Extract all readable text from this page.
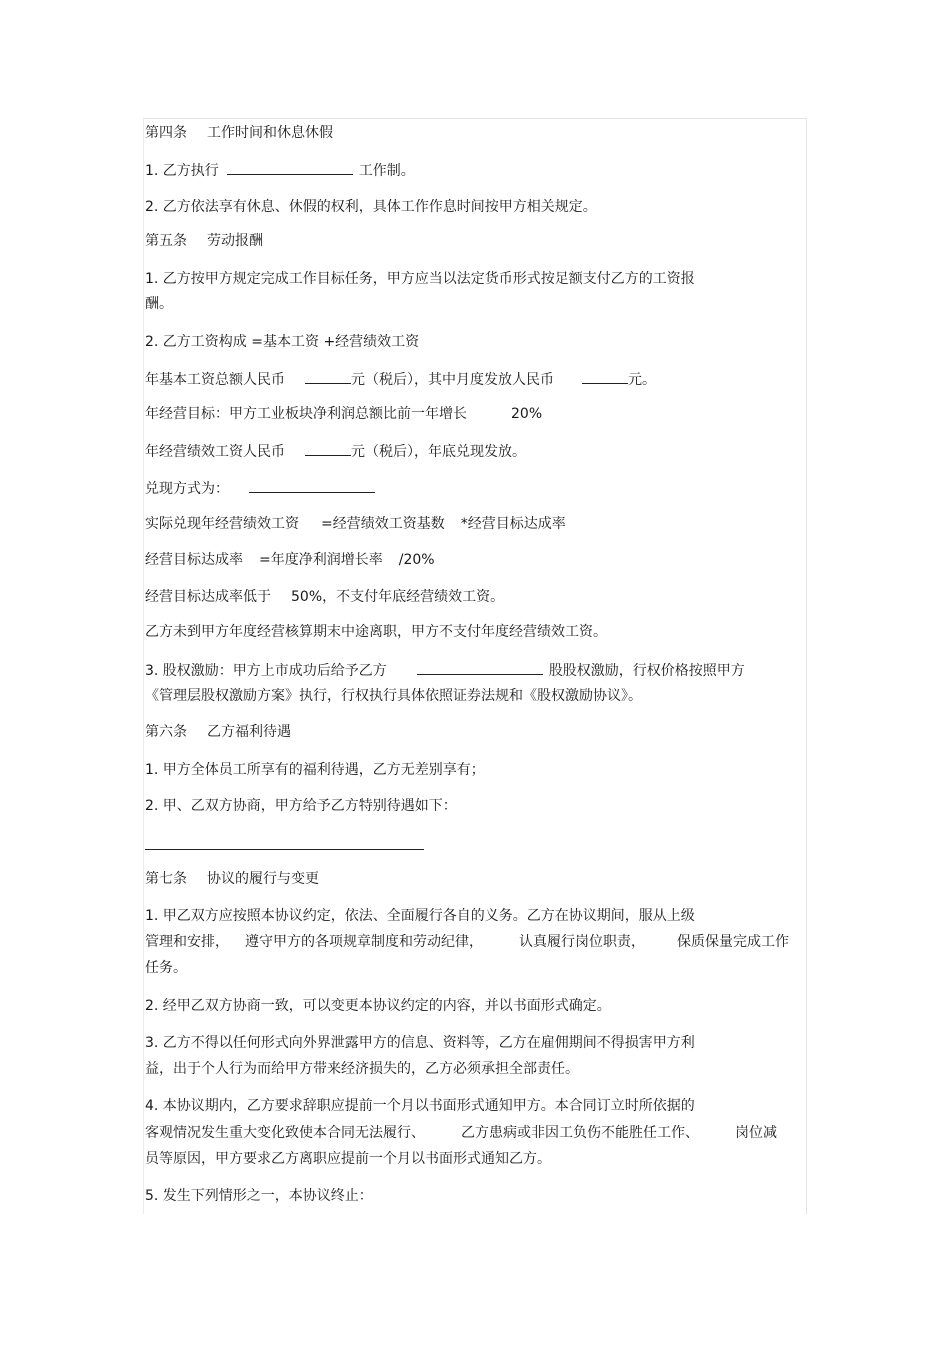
第四条 工作时间和休息休假
1. 乙方执行	工作制。
2. 乙方依法享有休息、休假的权利，具体工作作息时间按甲方相关规定。
第五条 劳动报酬
1. 乙方按甲方规定完成工作目标任务，甲方应当以法定货币形式按足额支付乙方的工资报
酬。
2. 乙方工资构成 =基本工资 +经营绩效工资
年基本工资总额人民币	元（税后），其中月度发放人民币	元。
年经营目标：甲方工业板块净利润总额比前一年增长	20%
年经营绩效工资人民币	元（税后），年底兑现发放。
兑现方式为：
实际兑现年经营绩效工资 =经营绩效工资基数 *经营目标达成率
经营目标达成率 =年度净利润增长率 /20%
经营目标达成率低于 50%，不支付年底经营绩效工资。
乙方未到甲方年度经营核算期末中途离职，甲方不支付年度经营绩效工资。
3. 股权激励：甲方上市成功后给予乙方	股股权激励，行权价格按照甲方
《管理层股权激励方案》执行，行权执行具体依照证券法规和《股权激励协议》。
第六条 乙方福利待遇
1. 甲方全体员工所享有的福利待遇，乙方无差别享有；
2. 甲、乙双方协商，甲方给予乙方特别待遇如下：
第七条 协议的履行与变更
1. 甲乙双方应按照本协议约定，依法、全面履行各自的义务。乙方在协议期间，服从上级
管理和安排， 遵守甲方的各项规章制度和劳动纪律，	认真履行岗位职责， 保质保量完成工作
任务。
2. 经甲乙双方协商一致，可以变更本协议约定的内容，并以书面形式确定。
3. 乙方不得以任何形式向外界泄露甲方的信息、资料等，乙方在雇佣期间不得损害甲方利
益，出于个人行为而给甲方带来经济损失的，乙方必须承担全部责任。
4. 本协议期内，乙方要求辞职应提前一个月以书面形式通知甲方。本合同订立时所依据的
客观情况发生重大变化致使本合同无法履行、	乙方患病或非因工负伤不能胜任工作、	岗位减
员等原因，甲方要求乙方离职应提前一个月以书面形式通知乙方。
5. 发生下列情形之一，本协议终止：
